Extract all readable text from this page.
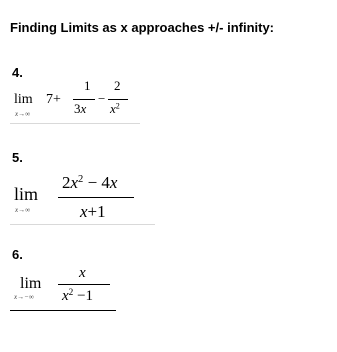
Finding Limits as x approaches +/- infinity:
4.
lim
x→∞
7+
1
3x
−
2
$x^2$
5.
lim
x→∞
$2x^2 - 4x$
x+1
6.
lim
x→−∞
x
$x^2 -1$
